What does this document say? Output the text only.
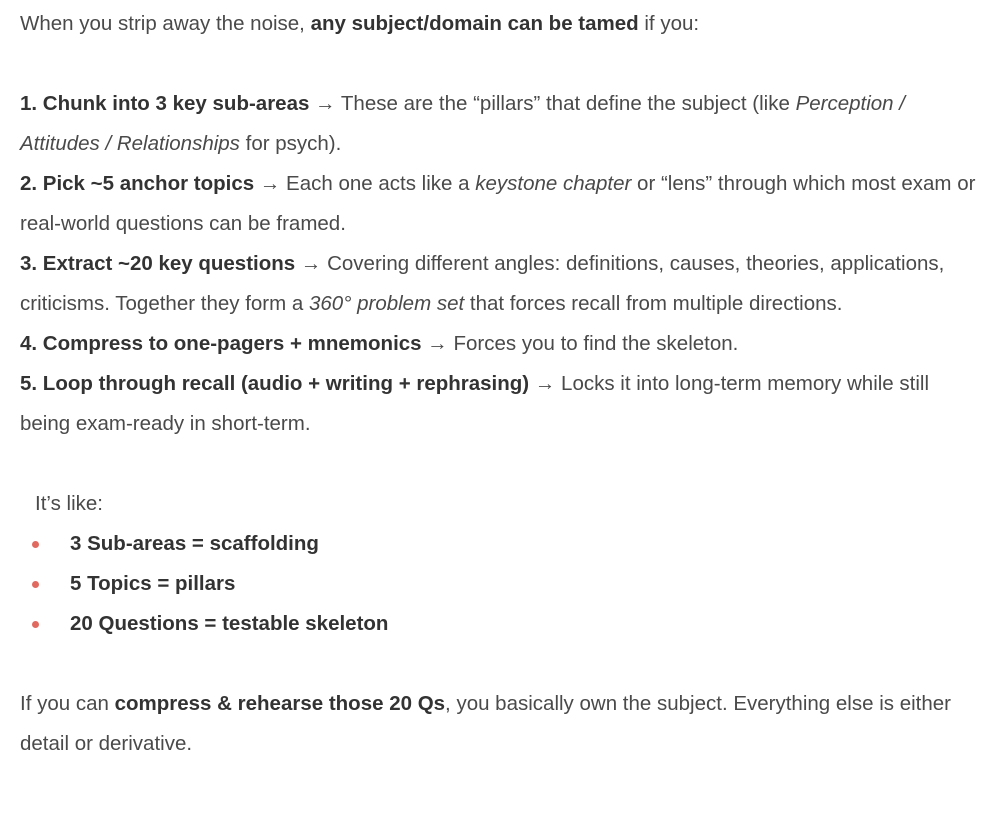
When you strip away the noise, any subject/domain can be tamed if you:

1. Chunk into 3 key sub-areas → These are the “pillars” that define the subject (like Perception / Attitudes / Relationships for psych).

2. Pick ~5 anchor topics → Each one acts like a keystone chapter or “lens” through which most exam or real-world questions can be framed.

3. Extract ~20 key questions → Covering different angles: definitions, causes, theories, applications, criticisms. Together they form a 360° problem set that forces recall from multiple directions.

4. Compress to one-pagers + mnemonics → Forces you to find the skeleton.

5. Loop through recall (audio + writing + rephrasing) → Locks it into long-term memory while still being exam-ready in short-term.

It’s like:

3 Sub-areas = scaffolding
5 Topics = pillars
20 Questions = testable skeleton

If you can compress & rehearse those 20 Qs, you basically own the subject. Everything else is either detail or derivative.
